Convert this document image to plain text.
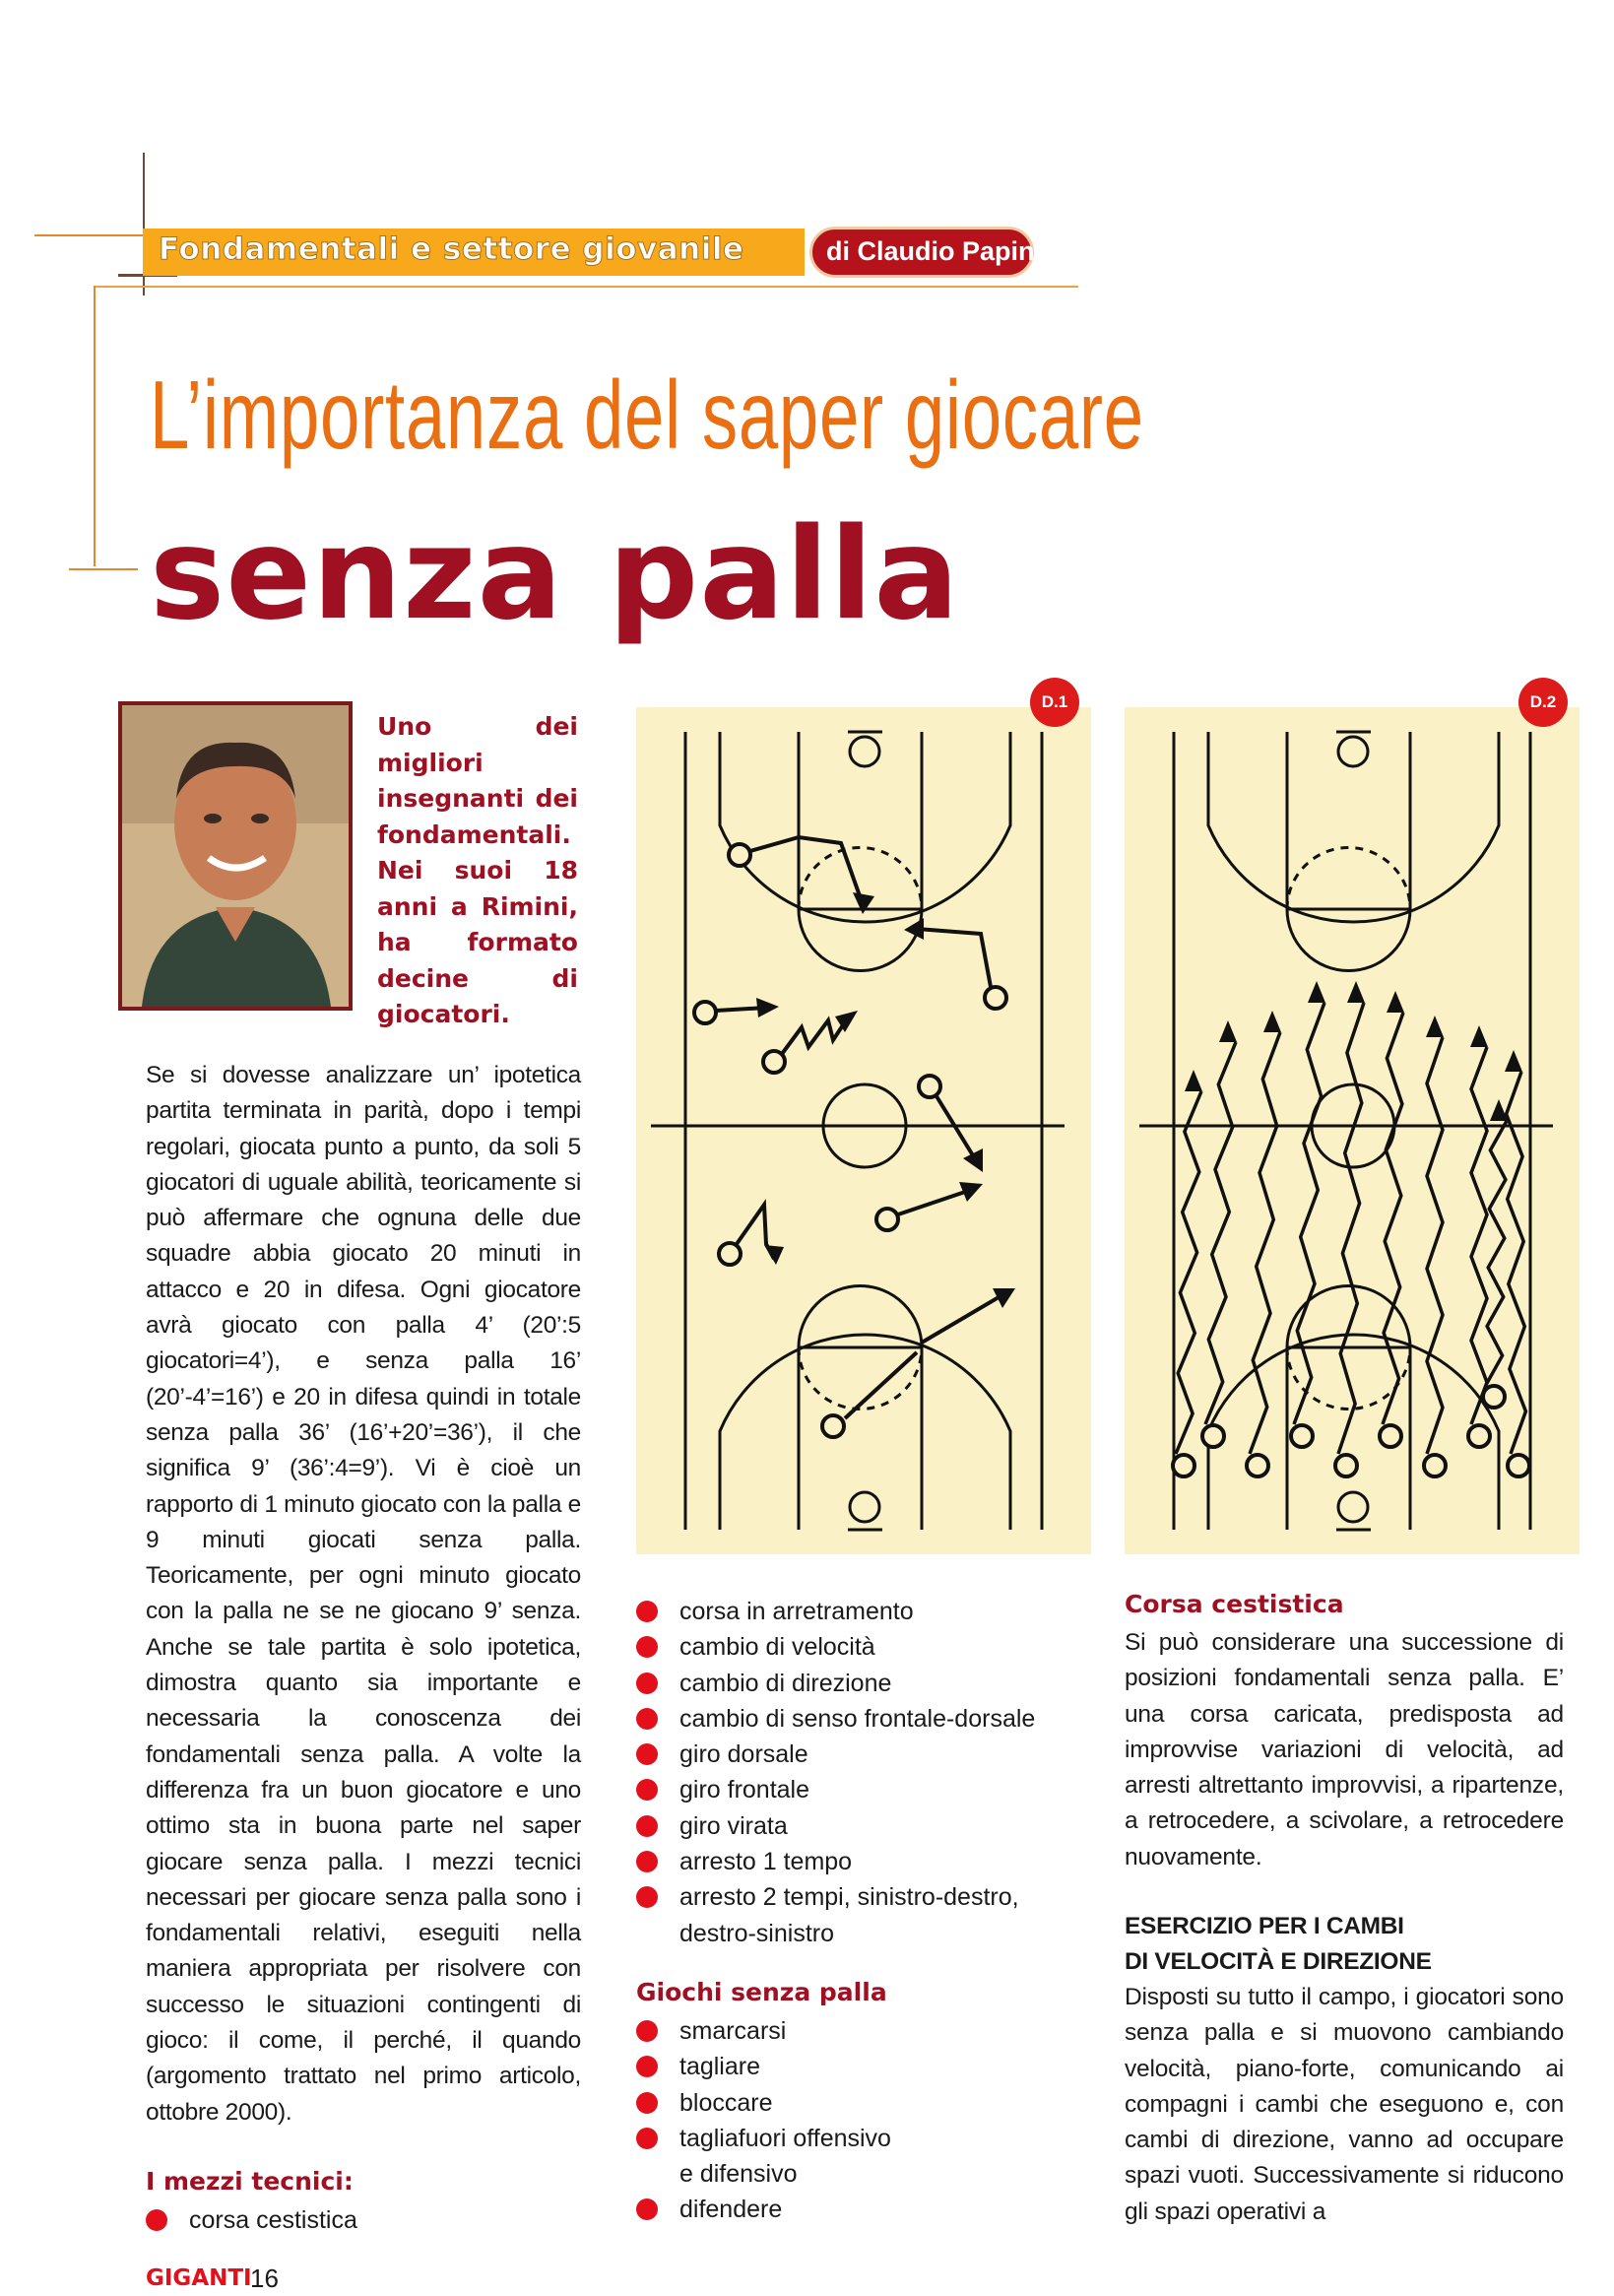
Fondamentali e settore giovanile	di Claudio Papini
L’importanza del saper giocare
senza palla
Uno dei migliori insegnanti dei fondamentali. Nei suoi 18 anni a Rimini, ha formato decine di giocatori.
Se si dovesse analizzare un’ ipotetica partita terminata in parità, dopo i tempi regolari, giocata punto a punto, da soli 5 giocatori di uguale abilità, teoricamente si può affermare che ognuna delle due squadre abbia giocato 20 minuti in attacco e 20 in difesa. Ogni giocatore avrà giocato con palla 4’ (20’:5 giocatori=4’), e senza palla 16’ (20’-4’=16’) e 20 in difesa quindi in totale senza palla 36’ (16’+20’=36’), il che significa 9’ (36’:4=9’). Vi è cioè un rapporto di 1 minuto giocato con la palla e 9 minuti giocati senza palla. Teoricamente, per ogni minuto giocato con la palla ne se ne giocano 9’ senza. Anche se tale partita è solo ipotetica, dimostra quanto sia importante e necessaria la conoscenza dei fondamentali senza palla. A volte la differenza fra un buon giocatore e uno ottimo sta in buona parte nel saper giocare senza palla. I mezzi tecnici necessari per giocare senza palla sono i fondamentali relativi, eseguiti nella maniera appropriata per risolvere con successo le situazioni contingenti di gioco: il come, il perché, il quando (argomento trattato nel primo articolo, ottobre 2000).
I mezzi tecnici:
corsa cestistica
D.1	D.2
corsa in arretramento
cambio di velocità
cambio di direzione
cambio di senso frontale-dorsale
giro dorsale
giro frontale
giro virata
arresto 1 tempo
arresto 2 tempi, sinistro-destro,
destro-sinistro
Giochi senza palla
smarcarsi
tagliare
bloccare
tagliafuori offensivo
e difensivo
difendere
Corsa cestistica
Si può considerare una successione di posizioni fondamentali senza palla. E’ una corsa caricata, predisposta ad improvvise variazioni di velocità, ad arresti altrettanto improvvisi, a ripartenze, a retrocedere, a scivolare, a retrocedere nuovamente.
ESERCIZIO PER I CAMBI
DI VELOCITÀ E DIREZIONE
Disposti su tutto il campo, i giocatori sono senza palla e si muovono cambiando velocità, piano-forte, comunicando ai compagni i cambi che eseguono e, con cambi di direzione, vanno ad occupare spazi vuoti. Successivamente si riducono gli spazi operativi a
GIGANTI
16
